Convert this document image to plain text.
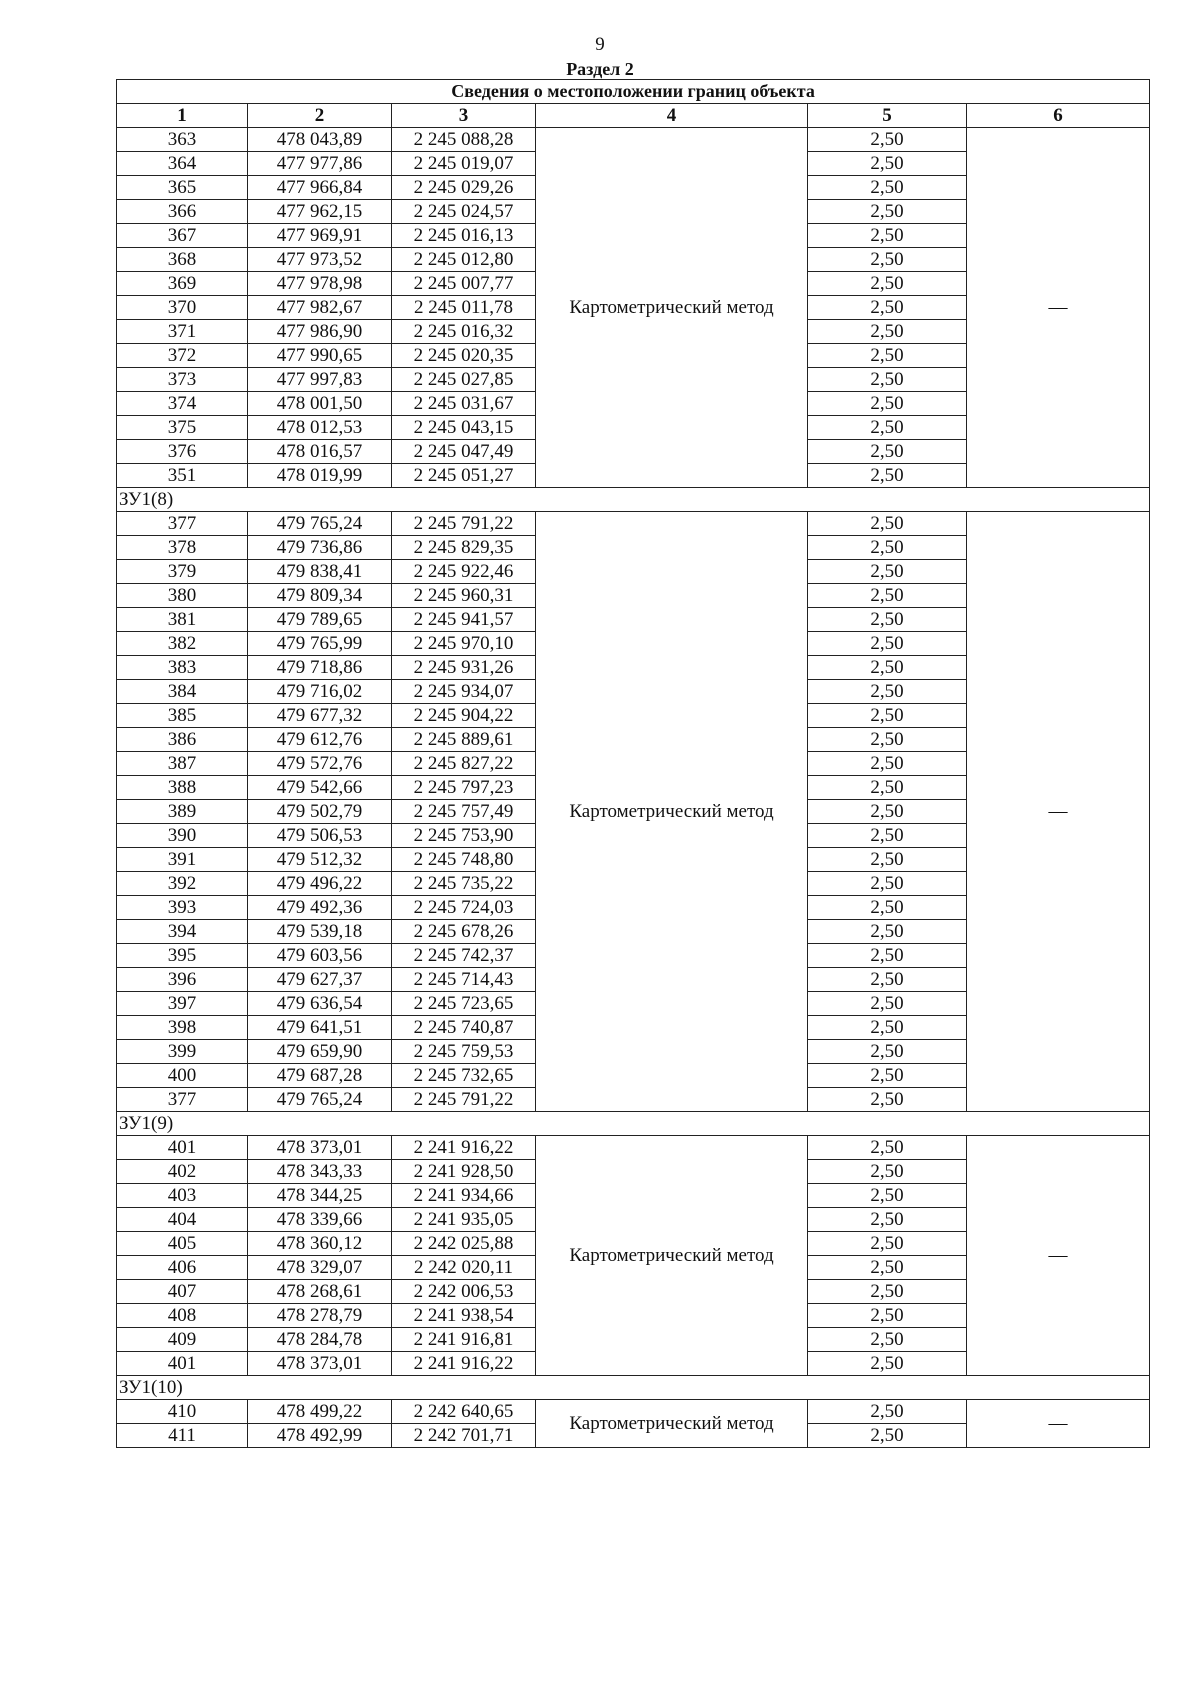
9
Раздел 2
Сведения о местоположении границ объекта					
1	2	3	4	5	6
363	478 043,89	2 245 088,28	Картометрический метод	2,50	—
364	477 977,86	2 245 019,07		2,50	
365	477 966,84	2 245 029,26		2,50	
366	477 962,15	2 245 024,57		2,50	
367	477 969,91	2 245 016,13		2,50	
368	477 973,52	2 245 012,80		2,50	
369	477 978,98	2 245 007,77		2,50	
370	477 982,67	2 245 011,78		2,50	
371	477 986,90	2 245 016,32		2,50	
372	477 990,65	2 245 020,35		2,50	
373	477 997,83	2 245 027,85		2,50	
374	478 001,50	2 245 031,67		2,50	
375	478 012,53	2 245 043,15		2,50	
376	478 016,57	2 245 047,49		2,50	
351	478 019,99	2 245 051,27		2,50	
ЗУ1(8)					
377	479 765,24	2 245 791,22	Картометрический метод	2,50	—
378	479 736,86	2 245 829,35		2,50	
379	479 838,41	2 245 922,46		2,50	
380	479 809,34	2 245 960,31		2,50	
381	479 789,65	2 245 941,57		2,50	
382	479 765,99	2 245 970,10		2,50	
383	479 718,86	2 245 931,26		2,50	
384	479 716,02	2 245 934,07		2,50	
385	479 677,32	2 245 904,22		2,50	
386	479 612,76	2 245 889,61		2,50	
387	479 572,76	2 245 827,22		2,50	
388	479 542,66	2 245 797,23		2,50	
389	479 502,79	2 245 757,49		2,50	
390	479 506,53	2 245 753,90		2,50	
391	479 512,32	2 245 748,80		2,50	
392	479 496,22	2 245 735,22		2,50	
393	479 492,36	2 245 724,03		2,50	
394	479 539,18	2 245 678,26		2,50	
395	479 603,56	2 245 742,37		2,50	
396	479 627,37	2 245 714,43		2,50	
397	479 636,54	2 245 723,65		2,50	
398	479 641,51	2 245 740,87		2,50	
399	479 659,90	2 245 759,53		2,50	
400	479 687,28	2 245 732,65		2,50	
377	479 765,24	2 245 791,22		2,50	
ЗУ1(9)					
401	478 373,01	2 241 916,22	Картометрический метод	2,50	—
402	478 343,33	2 241 928,50		2,50	
403	478 344,25	2 241 934,66		2,50	
404	478 339,66	2 241 935,05		2,50	
405	478 360,12	2 242 025,88		2,50	
406	478 329,07	2 242 020,11		2,50	
407	478 268,61	2 242 006,53		2,50	
408	478 278,79	2 241 938,54		2,50	
409	478 284,78	2 241 916,81		2,50	
401	478 373,01	2 241 916,22		2,50	
ЗУ1(10)					
410	478 499,22	2 242 640,65	Картометрический метод	2,50	—
411	478 492,99	2 242 701,71		2,50	
